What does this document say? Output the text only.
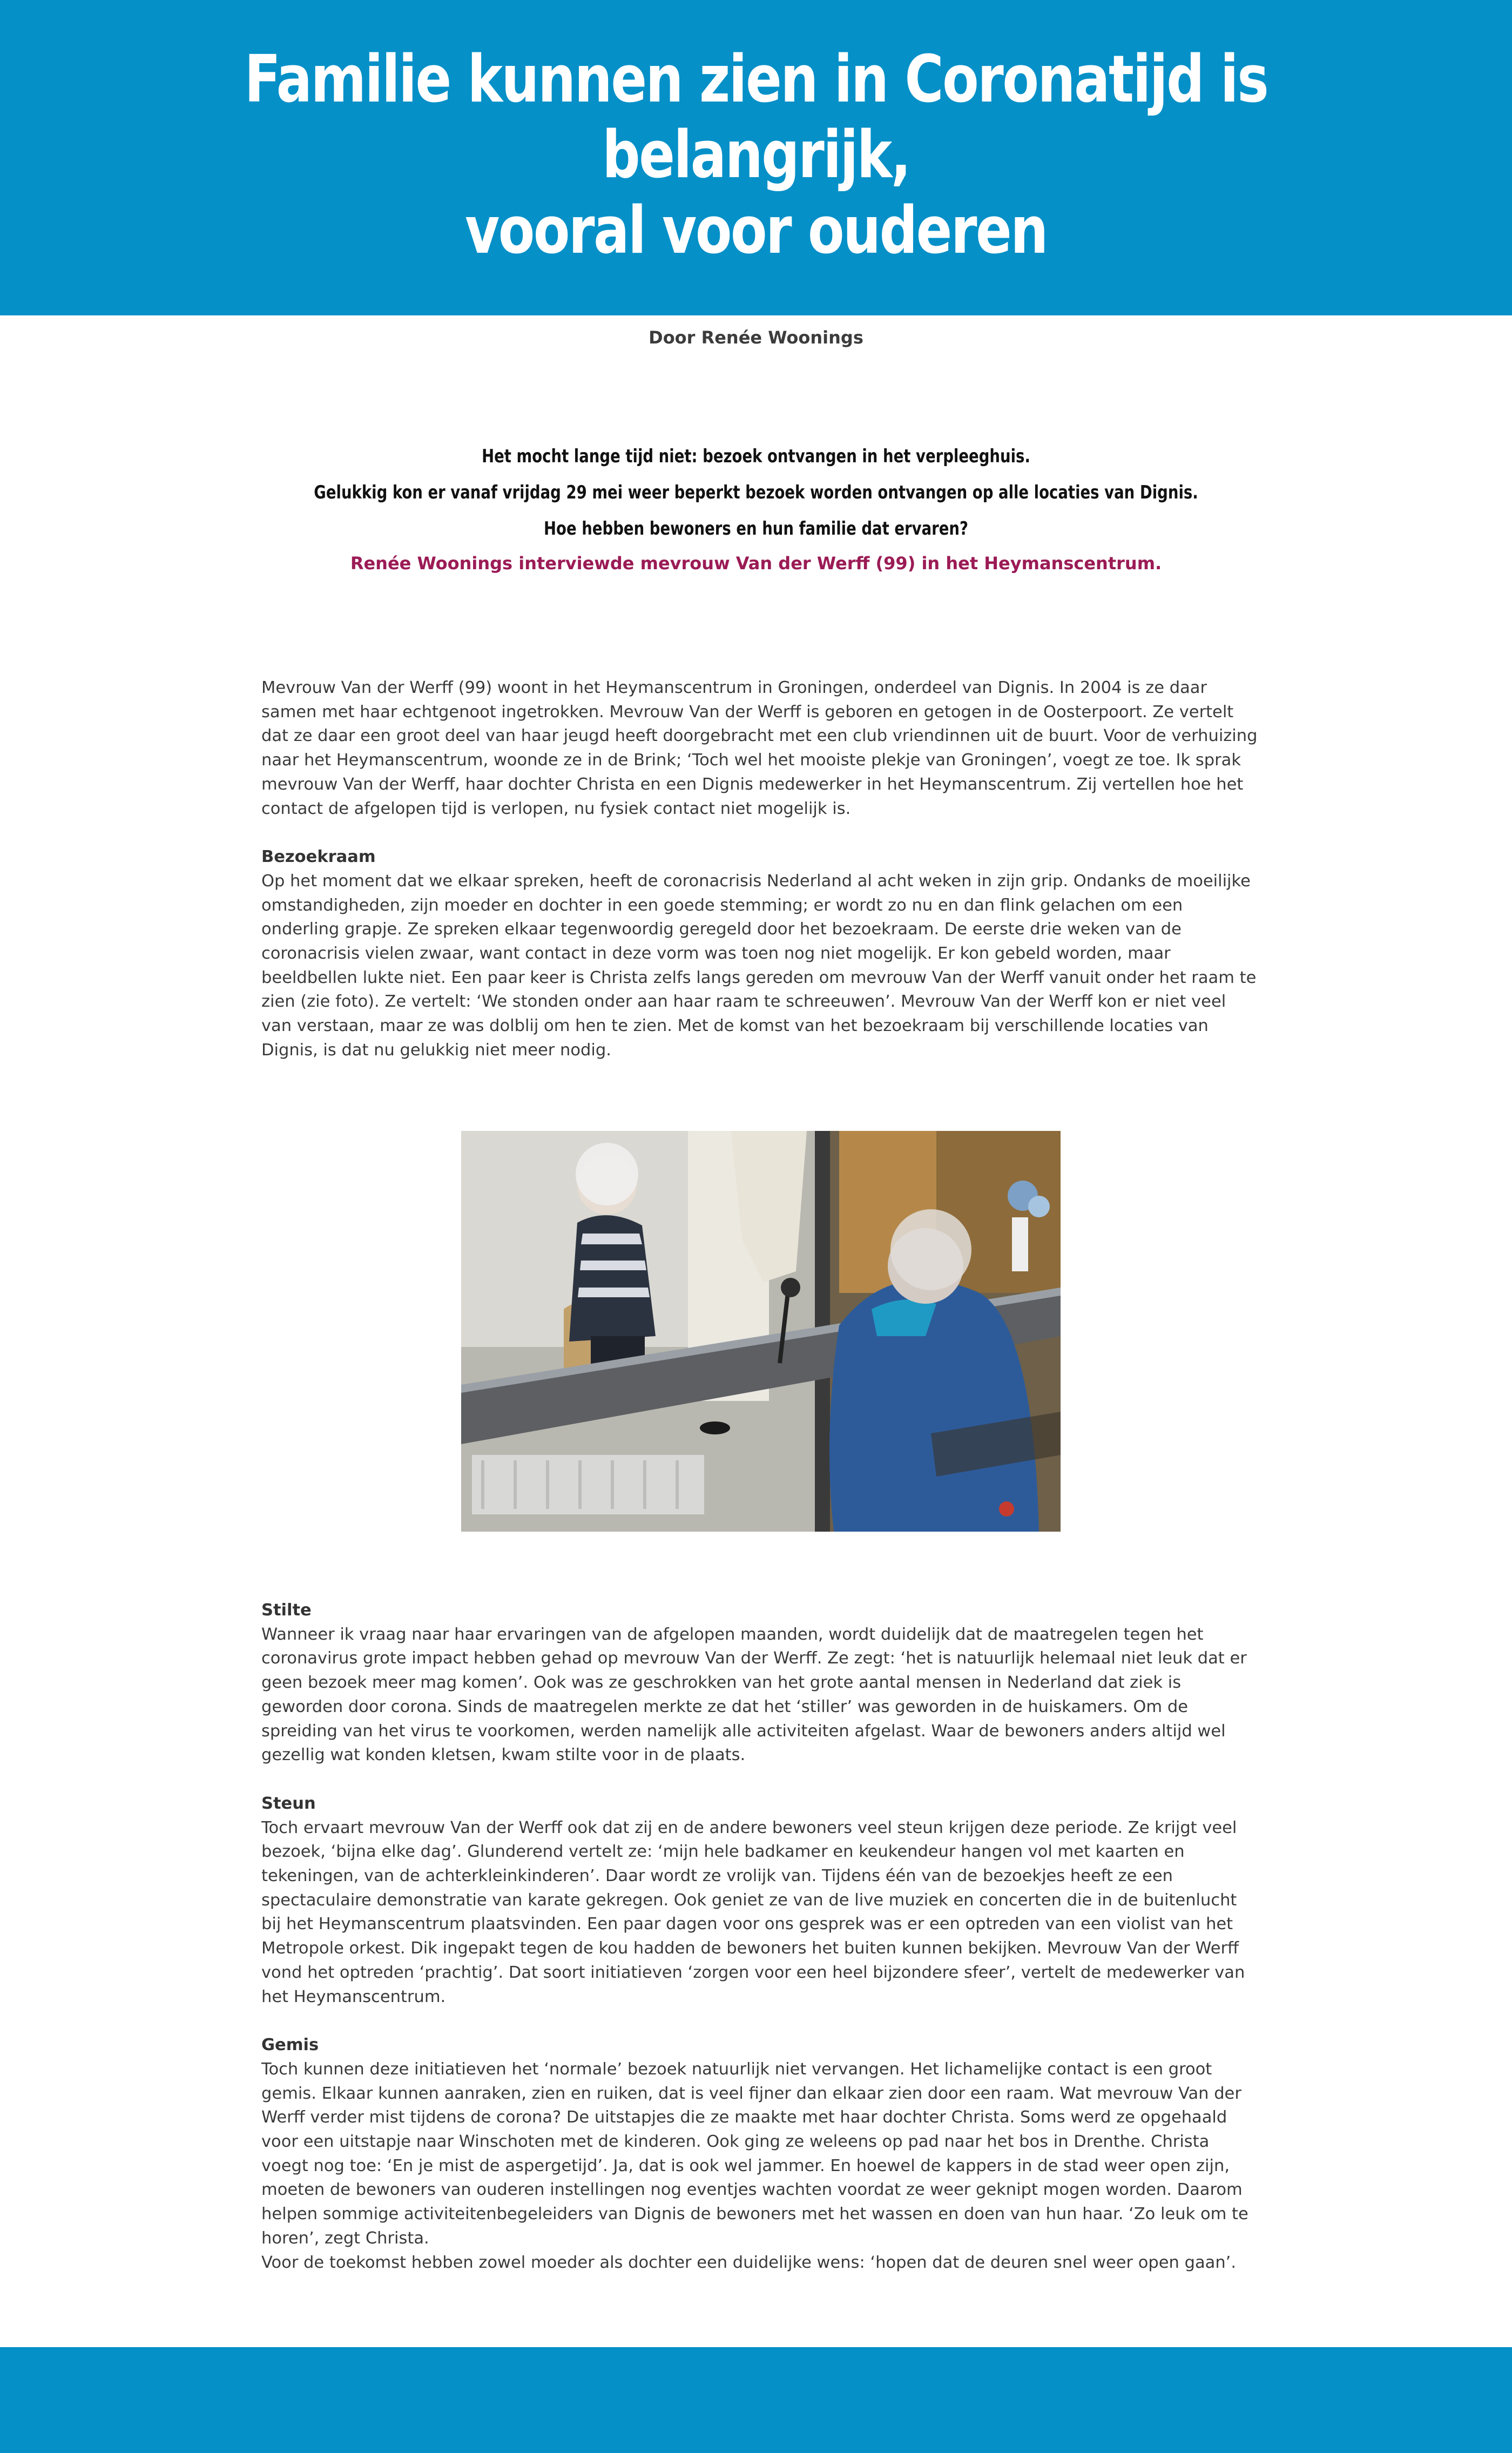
Familie kunnen zien in Coronatijd is belangrijk,
vooral voor ouderen
Door Renée Woonings
Het mocht lange tijd niet: bezoek ontvangen in het verpleeghuis.
Gelukkig kon er vanaf vrijdag 29 mei weer beperkt bezoek worden ontvangen op alle locaties van Dignis.
Hoe hebben bewoners en hun familie dat ervaren?
Renée Woonings interviewde mevrouw Van der Werff (99) in het Heymanscentrum.

Mevrouw Van der Werff (99) woont in het Heymanscentrum in Groningen, onderdeel van Dignis. In 2004 is ze daar samen met haar echtgenoot ingetrokken. Mevrouw Van der Werff is geboren en getogen in de Oosterpoort. Ze vertelt dat ze daar een groot deel van haar jeugd heeft doorgebracht met een club vriendinnen uit de buurt. Voor de verhuizing naar het Heymanscentrum, woonde ze in de Brink; ‘Toch wel het mooiste plekje van Groningen’, voegt ze toe. Ik sprak mevrouw Van der Werff, haar dochter Christa en een Dignis medewerker in het Heymanscentrum. Zij vertellen hoe het contact de afgelopen tijd is verlopen, nu fysiek contact niet mogelijk is.

Bezoekraam

Op het moment dat we elkaar spreken, heeft de coronacrisis Nederland al acht weken in zijn grip. Ondanks de moeilijke omstandigheden, zijn moeder en dochter in een goede stemming; er wordt zo nu en dan flink gelachen om een onderling grapje. Ze spreken elkaar tegenwoordig geregeld door het bezoekraam. De eerste drie weken van de coronacrisis vielen zwaar, want contact in deze vorm was toen nog niet mogelijk. Er kon gebeld worden, maar beeldbellen lukte niet. Een paar keer is Christa zelfs langs gereden om mevrouw Van der Werff vanuit onder het raam te zien (zie foto). Ze vertelt: ‘We stonden onder aan haar raam te schreeuwen’. Mevrouw Van der Werff kon er niet veel van verstaan, maar ze was dolblij om hen te zien. Met de komst van het bezoekraam bij verschillende locaties van Dignis, is dat nu gelukkig niet meer nodig.

Stilte

Wanneer ik vraag naar haar ervaringen van de afgelopen maanden, wordt duidelijk dat de maatregelen tegen het coronavirus grote impact hebben gehad op mevrouw Van der Werff. Ze zegt: ‘het is natuurlijk helemaal niet leuk dat er geen bezoek meer mag komen’. Ook was ze geschrokken van het grote aantal mensen in Nederland dat ziek is geworden door corona. Sinds de maatregelen merkte ze dat het ‘stiller’ was geworden in de huiskamers. Om de spreiding van het virus te voorkomen, werden namelijk alle activiteiten afgelast. Waar de bewoners anders altijd wel gezellig wat konden kletsen, kwam stilte voor in de plaats.

Steun

Toch ervaart mevrouw Van der Werff ook dat zij en de andere bewoners veel steun krijgen deze periode. Ze krijgt veel bezoek, ‘bijna elke dag’. Glunderend vertelt ze: ‘mijn hele badkamer en keukendeur hangen vol met kaarten en tekeningen, van de achterkleinkinderen’. Daar wordt ze vrolijk van. Tijdens één van de bezoekjes heeft ze een spectaculaire demonstratie van karate gekregen. Ook geniet ze van de live muziek en concerten die in de buitenlucht bij het Heymanscentrum plaatsvinden. Een paar dagen voor ons gesprek was er een optreden van een violist van het Metropole orkest. Dik ingepakt tegen de kou hadden de bewoners het buiten kunnen bekijken. Mevrouw Van der Werff vond het optreden ‘prachtig’. Dat soort initiatieven ‘zorgen voor een heel bijzondere sfeer’, vertelt de medewerker van het Heymanscentrum.

Gemis

Toch kunnen deze initiatieven het ‘normale’ bezoek natuurlijk niet vervangen. Het lichamelijke contact is een groot gemis. Elkaar kunnen aanraken, zien en ruiken, dat is veel fijner dan elkaar zien door een raam. Wat mevrouw Van der Werff verder mist tijdens de corona? De uitstapjes die ze maakte met haar dochter Christa. Soms werd ze opgehaald voor een uitstapje naar Winschoten met de kinderen. Ook ging ze weleens op pad naar het bos in Drenthe. Christa voegt nog toe: ‘En je mist de aspergetijd’. Ja, dat is ook wel jammer. En hoewel de kappers in de stad weer open zijn, moeten de bewoners van ouderen instellingen nog eventjes wachten voordat ze weer geknipt mogen worden. Daarom helpen sommige activiteitenbegeleiders van Dignis de bewoners met het wassen en doen van hun haar. ‘Zo leuk om te horen’, zegt Christa.

Voor de toekomst hebben zowel moeder als dochter een duidelijke wens: ‘hopen dat de deuren snel weer open gaan’.
